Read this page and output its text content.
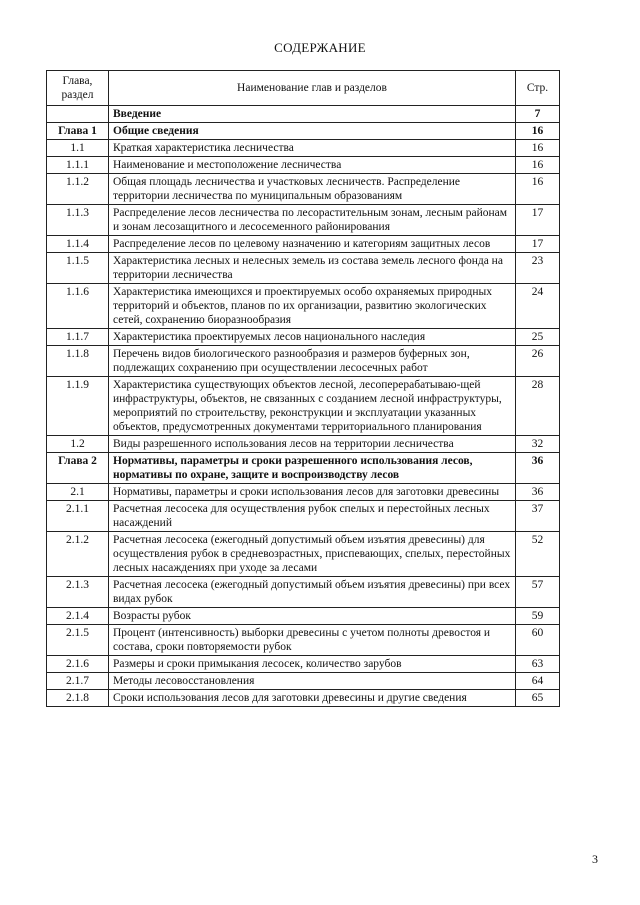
СОДЕРЖАНИЕ
Глава, раздел	Наименование глав и разделов	Стр.
	Введение	7
Глава 1	Общие сведения	16
1.1	Краткая характеристика лесничества	16
1.1.1	Наименование и местоположение лесничества	16
1.1.2	Общая площадь лесничества и участковых лесничеств. Распределение территории лесничества по муниципальным образованиям	16
1.1.3	Распределение лесов лесничества по лесорастительным зонам, лесным районам и зонам лесозащитного и лесосеменного районирования	17
1.1.4	Распределение лесов по целевому назначению и категориям защитных лесов	17
1.1.5	Характеристика лесных и нелесных земель из состава земель лесного фонда на территории лесничества	23
1.1.6	Характеристика имеющихся и проектируемых особо охраняемых природных территорий и объектов, планов по их организации, развитию экологических сетей, сохранению биоразнообразия	24
1.1.7	Характеристика проектируемых лесов национального наследия	25
1.1.8	Перечень видов биологического разнообразия и размеров буферных зон, подлежащих сохранению при осуществлении лесосечных работ	26
1.1.9	Характеристика существующих объектов лесной, лесоперерабатываю-щей инфраструктуры, объектов, не связанных с созданием лесной инфраструктуры, мероприятий по строительству, реконструкции и эксплуатации указанных объектов, предусмотренных документами территориального планирования	28
1.2	Виды разрешенного использования лесов на территории лесничества	32
Глава 2	Нормативы, параметры и сроки разрешенного использования лесов, нормативы по охране, защите и воспроизводству лесов	36
2.1	Нормативы, параметры и сроки использования лесов для заготовки древесины	36
2.1.1	Расчетная лесосека для осуществления рубок спелых и перестойных лесных насаждений	37
2.1.2	Расчетная лесосека (ежегодный допустимый объем изъятия древесины) для осуществления рубок в средневозрастных, приспевающих, спелых, перестойных лесных насаждениях при уходе за лесами	52
2.1.3	Расчетная лесосека (ежегодный допустимый объем изъятия древесины) при всех видах рубок	57
2.1.4	Возрасты рубок	59
2.1.5	Процент (интенсивность) выборки древесины с учетом полноты древостоя и состава, сроки повторяемости рубок	60
2.1.6	Размеры и сроки примыкания лесосек, количество зарубов	63
2.1.7	Методы лесовосстановления	64
2.1.8	Сроки использования лесов для заготовки древесины и другие сведения	65
3
